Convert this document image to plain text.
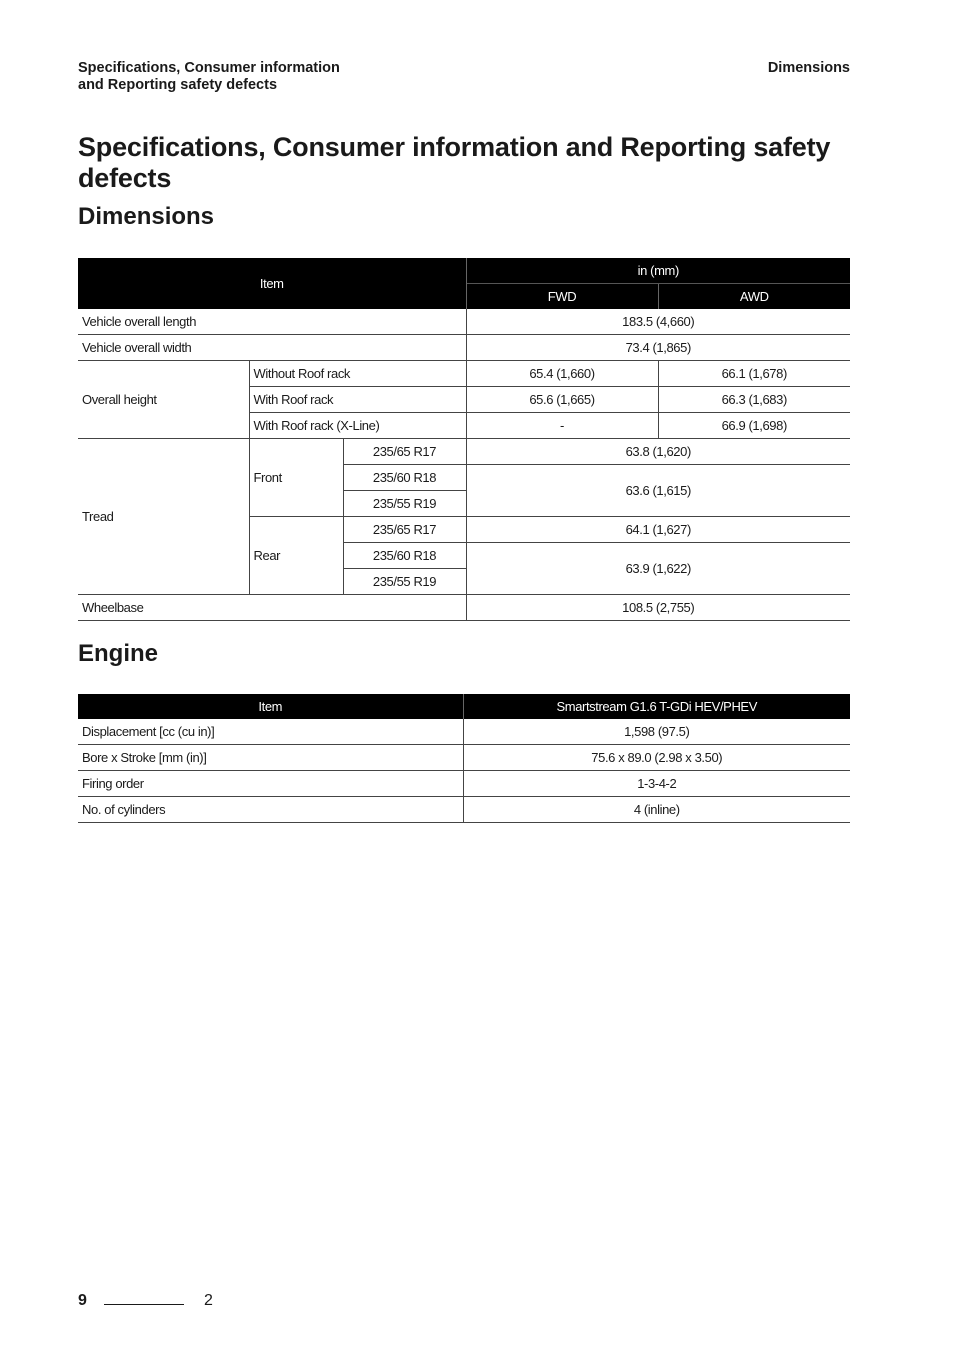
Specifications, Consumer information
and Reporting safety defects
Dimensions
Specifications, Consumer information and Reporting safety defects
Dimensions
Item			in (mm)	
			FWD	AWD
Vehicle overall length			183.5 (4,660)	
Vehicle overall width			73.4 (1,865)	
Overall height	Without Roof rack		65.4 (1,660)	66.1 (1,678)
	With Roof rack		65.6 (1,665)	66.3 (1,683)
	With Roof rack (X-Line)		-	66.9 (1,698)
Tread	Front	235/65 R17	63.8 (1,620)	
		235/60 R18	63.6 (1,615)	
		235/55 R19		
	Rear	235/65 R17	64.1 (1,627)	
		235/60 R18	63.9 (1,622)	
		235/55 R19		
Wheelbase			108.5 (2,755)	
Engine
Item	Smartstream G1.6 T-GDi HEV/PHEV
Displacement [cc (cu in)]	1,598 (97.5)
Bore x Stroke [mm (in)]	75.6 x 89.0 (2.98 x 3.50)
Firing order	1-3-4-2
No. of cylinders	4 (inline)
9	2
